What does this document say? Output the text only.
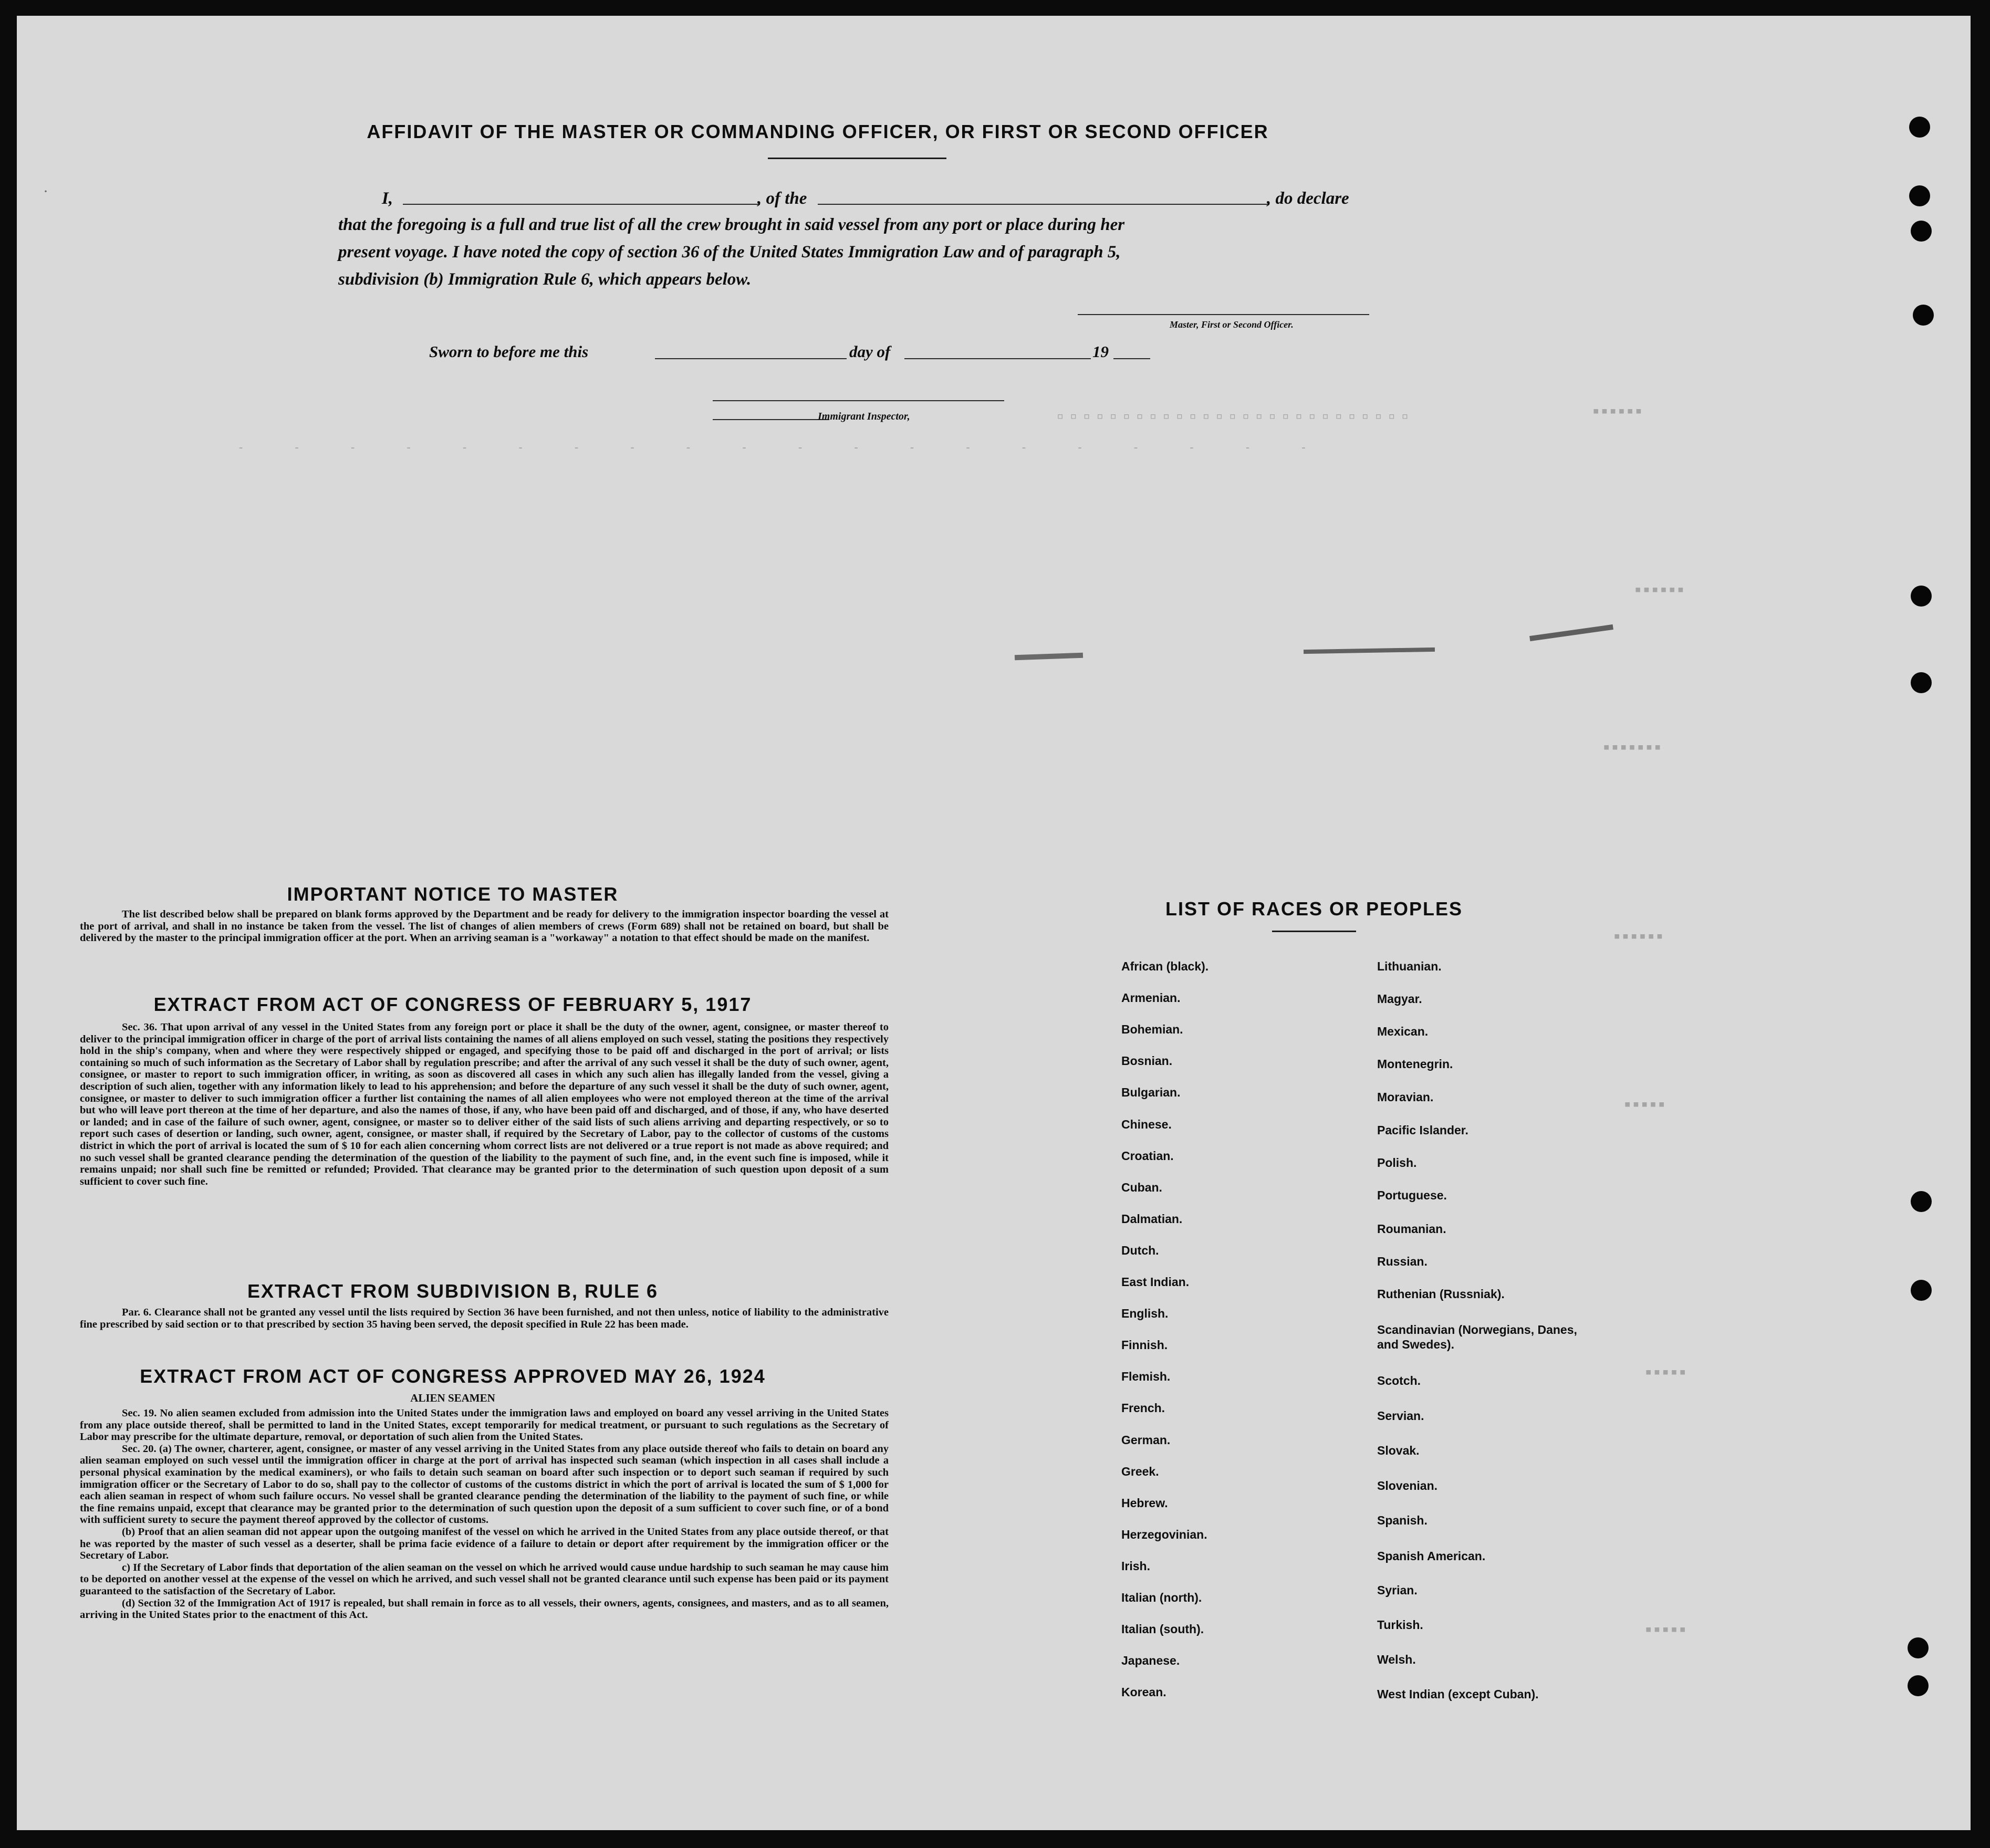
▪▪▪▪▪▪
▪▪▪▪▪▪
▪▪▪▪▪▪▪
▪▪▪▪▪▪
▪▪▪▪▪
▪▪▪▪▪
▪▪▪▪▪
▫▫▫▫▫▫▫▫▫▫▫▫▫▫▫▫▫▫▫▫▫▫▫▫▫▫▫
- - - - - - - - - - - - - - - - - - - -
AFFIDAVIT OF THE MASTER OR COMMANDING OFFICER, OR FIRST OR SECOND OFFICER
I,	, of the	, do declare
that the foregoing is a full and true list of all the crew brought in said vessel from any port or place during her
present voyage. I have noted the copy of section 36 of the United States Immigration Law and of paragraph 5,
subdivision (b) Immigration Rule 6, which appears below.
Master, First or Second Officer.
Sworn to before me this	day of	19
Immigrant Inspector,
IMPORTANT NOTICE TO MASTER

The list described below shall be prepared on blank forms approved by the Department and be ready for delivery to the immigration inspector boarding the vessel at the port of arrival, and shall in no instance be taken from the vessel. The list of changes of alien members of crews (Form 689) shall not be retained on board, but shall be delivered by the master to the principal immigration officer at the port. When an arriving seaman is a "workaway" a notation to that effect should be made on the manifest.

EXTRACT FROM ACT OF CONGRESS OF FEBRUARY 5, 1917

Sec. 36. That upon arrival of any vessel in the United States from any foreign port or place it shall be the duty of the owner, agent, consignee, or master thereof to deliver to the principal immigration officer in charge of the port of arrival lists containing the names of all aliens employed on such vessel, stating the positions they respectively hold in the ship's company, when and where they were respectively shipped or engaged, and specifying those to be paid off and discharged in the port of arrival; or lists containing so much of such information as the Secretary of Labor shall by regulation prescribe; and after the arrival of any such vessel it shall be the duty of such owner, agent, consignee, or master to report to such immigration officer, in writing, as soon as discovered all cases in which any such alien has illegally landed from the vessel, giving a description of such alien, together with any information likely to lead to his apprehension; and before the departure of any such vessel it shall be the duty of such owner, agent, consignee, or master to deliver to such immigration officer a further list containing the names of all alien employees who were not employed thereon at the time of the arrival but who will leave port thereon at the time of her departure, and also the names of those, if any, who have been paid off and discharged, and of those, if any, who have deserted or landed; and in case of the failure of such owner, agent, consignee, or master so to deliver either of the said lists of such aliens arriving and departing respectively, or so to report such cases of desertion or landing, such owner, agent, consignee, or master shall, if required by the Secretary of Labor, pay to the collector of customs of the customs district in which the port of arrival is located the sum of $ 10 for each alien concerning whom correct lists are not delivered or a true report is not made as above required; and no such vessel shall be granted clearance pending the determination of the question of the liability to the payment of such fine, and, in the event such fine is imposed, while it remains unpaid; nor shall such fine be remitted or refunded; Provided. That clearance may be granted prior to the determination of such question upon deposit of a sum sufficient to cover such fine.

EXTRACT FROM SUBDIVISION B, RULE 6

Par. 6. Clearance shall not be granted any vessel until the lists required by Section 36 have been furnished, and not then unless, notice of liability to the administrative fine prescribed by said section or to that prescribed by section 35 having been served, the deposit specified in Rule 22 has been made.

EXTRACT FROM ACT OF CONGRESS APPROVED MAY 26, 1924
ALIEN SEAMEN

Sec. 19. No alien seamen excluded from admission into the United States under the immigration laws and employed on board any vessel arriving in the United States from any place outside thereof, shall be permitted to land in the United States, except temporarily for medical treatment, or pursuant to such regulations as the Secretary of Labor may prescribe for the ultimate departure, removal, or deportation of such alien from the United States.

Sec. 20. (a) The owner, charterer, agent, consignee, or master of any vessel arriving in the United States from any place outside thereof who fails to detain on board any alien seaman employed on such vessel until the immigration officer in charge at the port of arrival has inspected such seaman (which inspection in all cases shall include a personal physical examination by the medical examiners), or who fails to detain such seaman on board after such inspection or to deport such seaman if required by such immigration officer or the Secretary of Labor to do so, shall pay to the collector of customs of the customs district in which the port of arrival is located the sum of $ 1,000 for each alien seaman in respect of whom such failure occurs. No vessel shall be granted clearance pending the determination of the liability to the payment of such fine, or while the fine remains unpaid, except that clearance may be granted prior to the determination of such question upon the deposit of a sum sufficient to cover such fine, or of a bond with sufficient surety to secure the payment thereof approved by the collector of customs.

(b) Proof that an alien seaman did not appear upon the outgoing manifest of the vessel on which he arrived in the United States from any place outside thereof, or that he was reported by the master of such vessel as a deserter, shall be prima facie evidence of a failure to detain or deport after requirement by the immigration officer or the Secretary of Labor.

c) If the Secretary of Labor finds that deportation of the alien seaman on the vessel on which he arrived would cause undue hardship to such seaman he may cause him to be deported on another vessel at the expense of the vessel on which he arrived, and such vessel shall not be granted clearance until such expense has been paid or its payment guaranteed to the satisfaction of the Secretary of Labor.

(d) Section 32 of the Immigration Act of 1917 is repealed, but shall remain in force as to all vessels, their owners, agents, consignees, and masters, and as to all seamen, arriving in the United States prior to the enactment of this Act.

LIST OF RACES OR PEOPLES
African (black).
Armenian.
Bohemian.
Bosnian.
Bulgarian.
Chinese.
Croatian.
Cuban.
Dalmatian.
Dutch.
East Indian.
English.
Finnish.
Flemish.
French.
German.
Greek.
Hebrew.
Herzegovinian.
Irish.
Italian (north).
Italian (south).
Japanese.
Korean.
Lithuanian.
Magyar.
Mexican.
Montenegrin.
Moravian.
Pacific Islander.
Polish.
Portuguese.
Roumanian.
Russian.
Ruthenian (Russniak).
Scandinavian (Norwegians, Danes, and Swedes).
Scotch.
Servian.
Slovak.
Slovenian.
Spanish.
Spanish American.
Syrian.
Turkish.
Welsh.
West Indian (except Cuban).
·
